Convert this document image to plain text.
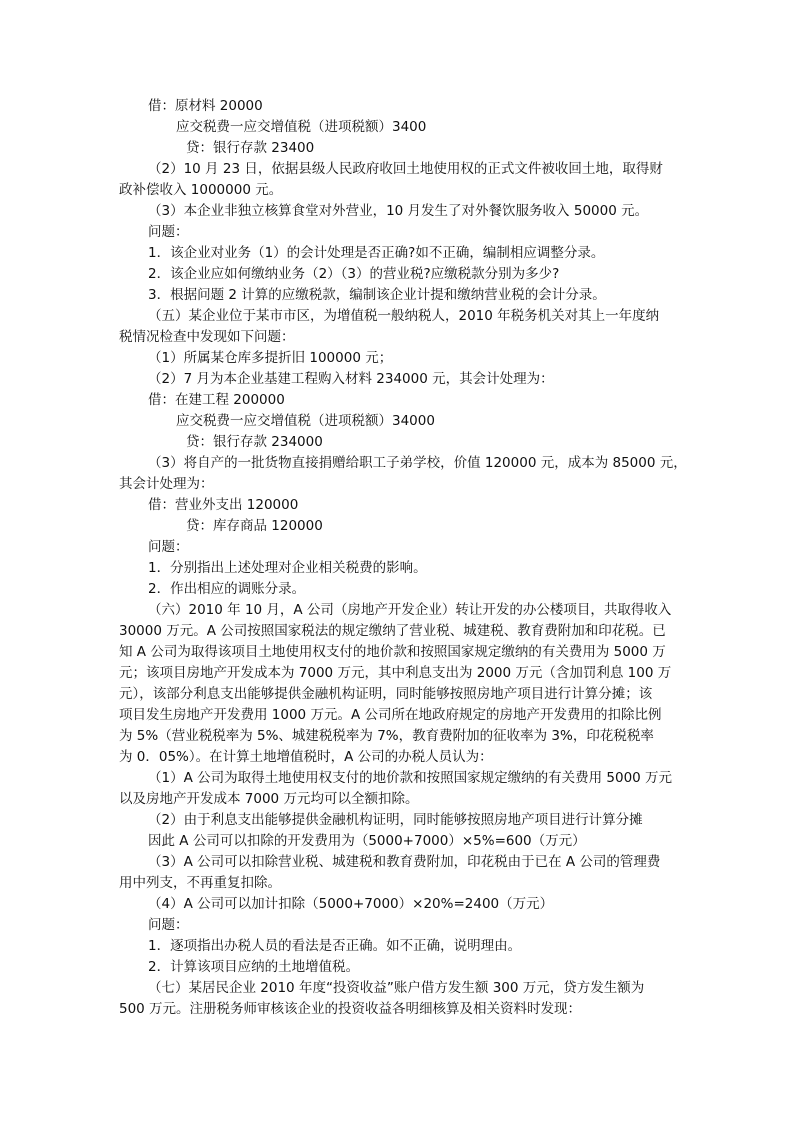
借：原材料 20000
应交税费一应交增值税（进项税额）3400
贷：银行存款 23400
（2）10 月 23 日，依据县级人民政府收回土地使用权的正式文件被收回土地，取得财
政补偿收入 1000000 元。
（3）本企业非独立核算食堂对外营业，10 月发生了对外餐饮服务收入 50000 元。
问题：
1．该企业对业务（1）的会计处理是否正确?如不正确，编制相应调整分录。
2．该企业应如何缴纳业务（2）（3）的营业税?应缴税款分别为多少?
3．根据问题 2 计算的应缴税款，编制该企业计提和缴纳营业税的会计分录。
（五）某企业位于某市市区，为增值税一般纳税人，2010 年税务机关对其上一年度纳
税情况检查中发现如下问题：
（1）所属某仓库多提折旧 100000 元；
（2）7 月为本企业基建工程购入材料 234000 元，其会计处理为：
借：在建工程 200000
应交税费一应交增值税（进项税额）34000
贷：银行存款 234000
（3）将自产的一批货物直接捐赠给职工子弟学校，价值 120000 元，成本为 85000 元，
其会计处理为：
借：营业外支出 120000
贷：库存商品 120000
问题：
1．分别指出上述处理对企业相关税费的影响。
2．作出相应的调账分录。
（六）2010 年 10 月，A 公司（房地产开发企业）转让开发的办公楼项目，共取得收入
30000 万元。A 公司按照国家税法的规定缴纳了营业税、城建税、教育费附加和印花税。已
知 A 公司为取得该项目土地使用权支付的地价款和按照国家规定缴纳的有关费用为 5000 万
元；该项目房地产开发成本为 7000 万元，其中利息支出为 2000 万元（含加罚利息 100 万
元），该部分利息支出能够提供金融机构证明，同时能够按照房地产项目进行计算分摊；该
项目发生房地产开发费用 1000 万元。A 公司所在地政府规定的房地产开发费用的扣除比例
为 5%（营业税税率为 5%、城建税税率为 7%，教育费附加的征收率为 3%，印花税税率
为 0．05%）。在计算土地增值税时，A 公司的办税人员认为：
（1）A 公司为取得土地使用权支付的地价款和按照国家规定缴纳的有关费用 5000 万元
以及房地产开发成本 7000 万元均可以全额扣除。
（2）由于利息支出能够提供金融机构证明，同时能够按照房地产项目进行计算分摊
因此 A 公司可以扣除的开发费用为（5000+7000）×5%=600（万元）
（3）A 公司可以扣除营业税、城建税和教育费附加，印花税由于已在 A 公司的管理费
用中列支，不再重复扣除。
（4）A 公司可以加计扣除（5000+7000）×20%=2400（万元）
问题：
1．逐项指出办税人员的看法是否正确。如不正确，说明理由。
2．计算该项目应纳的土地增值税。
（七）某居民企业 2010 年度“投资收益”账户借方发生额 300 万元，贷方发生额为
500 万元。注册税务师审核该企业的投资收益各明细核算及相关资料时发现：
